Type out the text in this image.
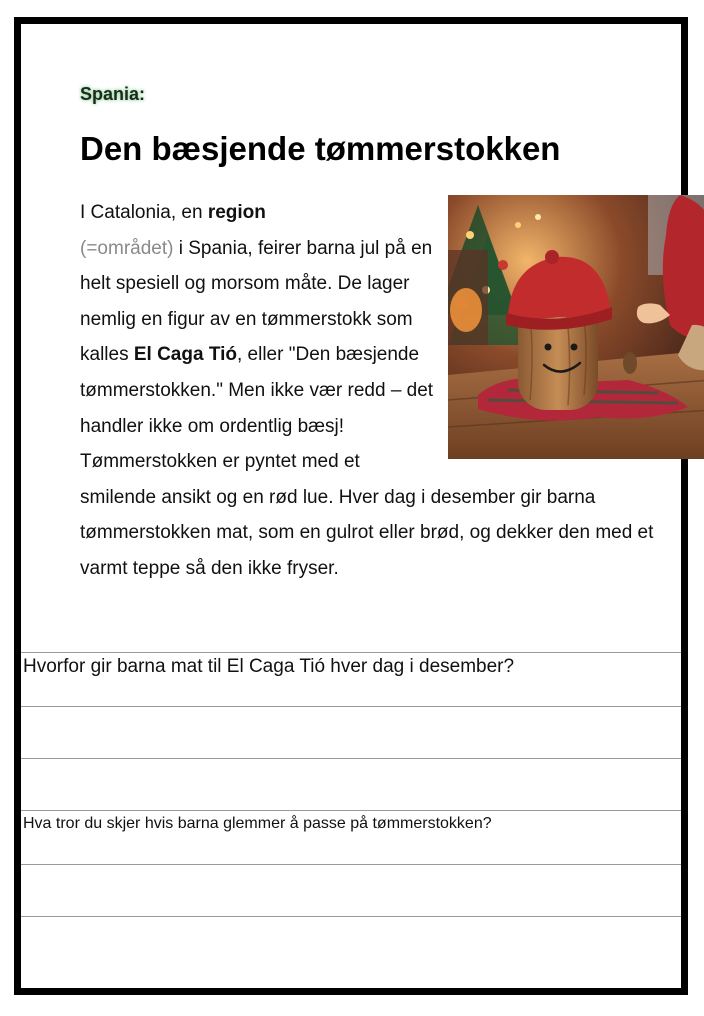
Spania:
Den bæsjende tømmerstokken
I Catalonia, en region
(=området) i Spania, feirer barna jul på en helt spesiell og morsom måte. De lager nemlig en figur av en tømmerstokk som kalles El Caga Tió, eller "Den bæsjende tømmerstokken." Men ikke vær redd – det handler ikke om ordentlig bæsj! Tømmerstokken er pyntet med et smilende ansikt og en rød lue. Hver dag i desember gir barna tømmerstokken mat, som en gulrot eller brød, og dekker den med et varmt teppe så den ikke fryser.
Hvorfor gir barna mat til El Caga Tió hver dag i desember?
Hva tror du skjer hvis barna glemmer å passe på tømmerstokken?
